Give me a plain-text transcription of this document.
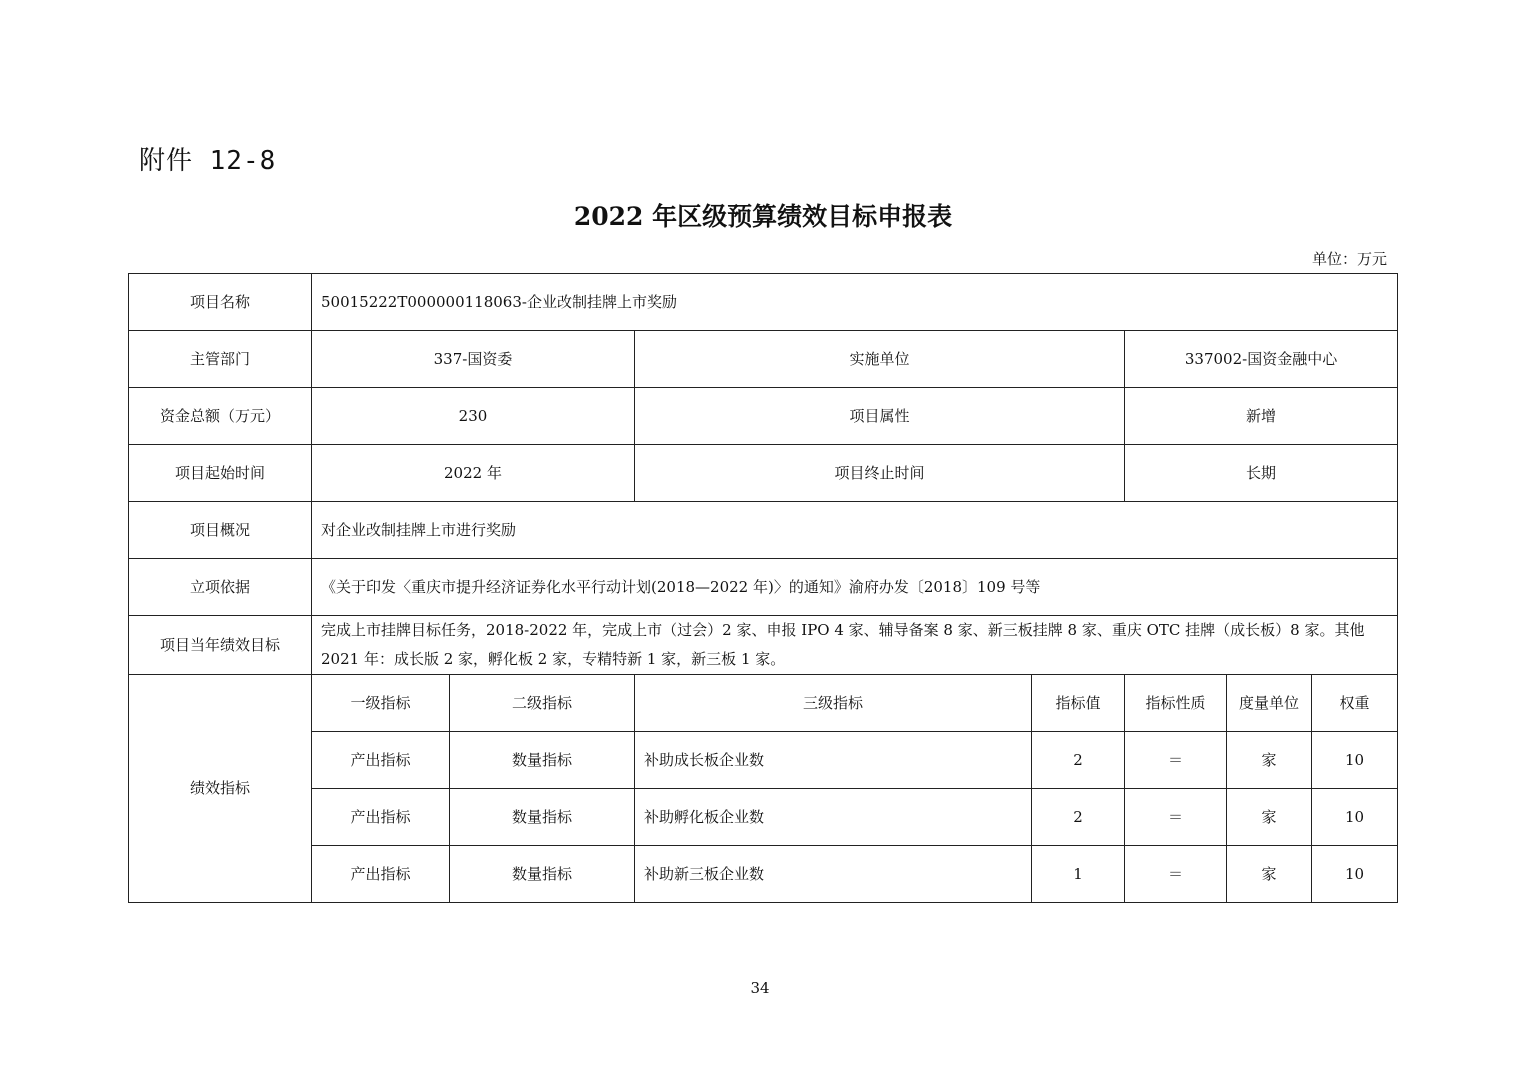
附件 12-8
2022 年区级预算绩效目标申报表
单位：万元
项目名称	50015222T000000118063-企业改制挂牌上市奖励						
主管部门	337-国资委		实施单位		337002-国资金融中心		
资金总额（万元）	230		项目属性		新增		
项目起始时间	2022 年		项目终止时间		长期		
项目概况	对企业改制挂牌上市进行奖励						
立项依据	《关于印发〈重庆市提升经济证券化水平行动计划(2018—2022 年)〉的通知》渝府办发〔2018〕109 号等						
项目当年绩效目标	完成上市挂牌目标任务，2018-2022 年，完成上市（过会）2 家、申报 IPO 4 家、辅导备案 8 家、新三板挂牌 8 家、重庆 OTC 挂牌（成长板）8 家。其他 2021 年：成长版 2 家，孵化板 2 家，专精特新 1 家，新三板 1 家。						
绩效指标	一级指标	二级指标	三级指标	指标值	指标性质	度量单位	权重
	产出指标	数量指标	补助成长板企业数	2	＝	家	10
	产出指标	数量指标	补助孵化板企业数	2	＝	家	10
	产出指标	数量指标	补助新三板企业数	1	＝	家	10
34
